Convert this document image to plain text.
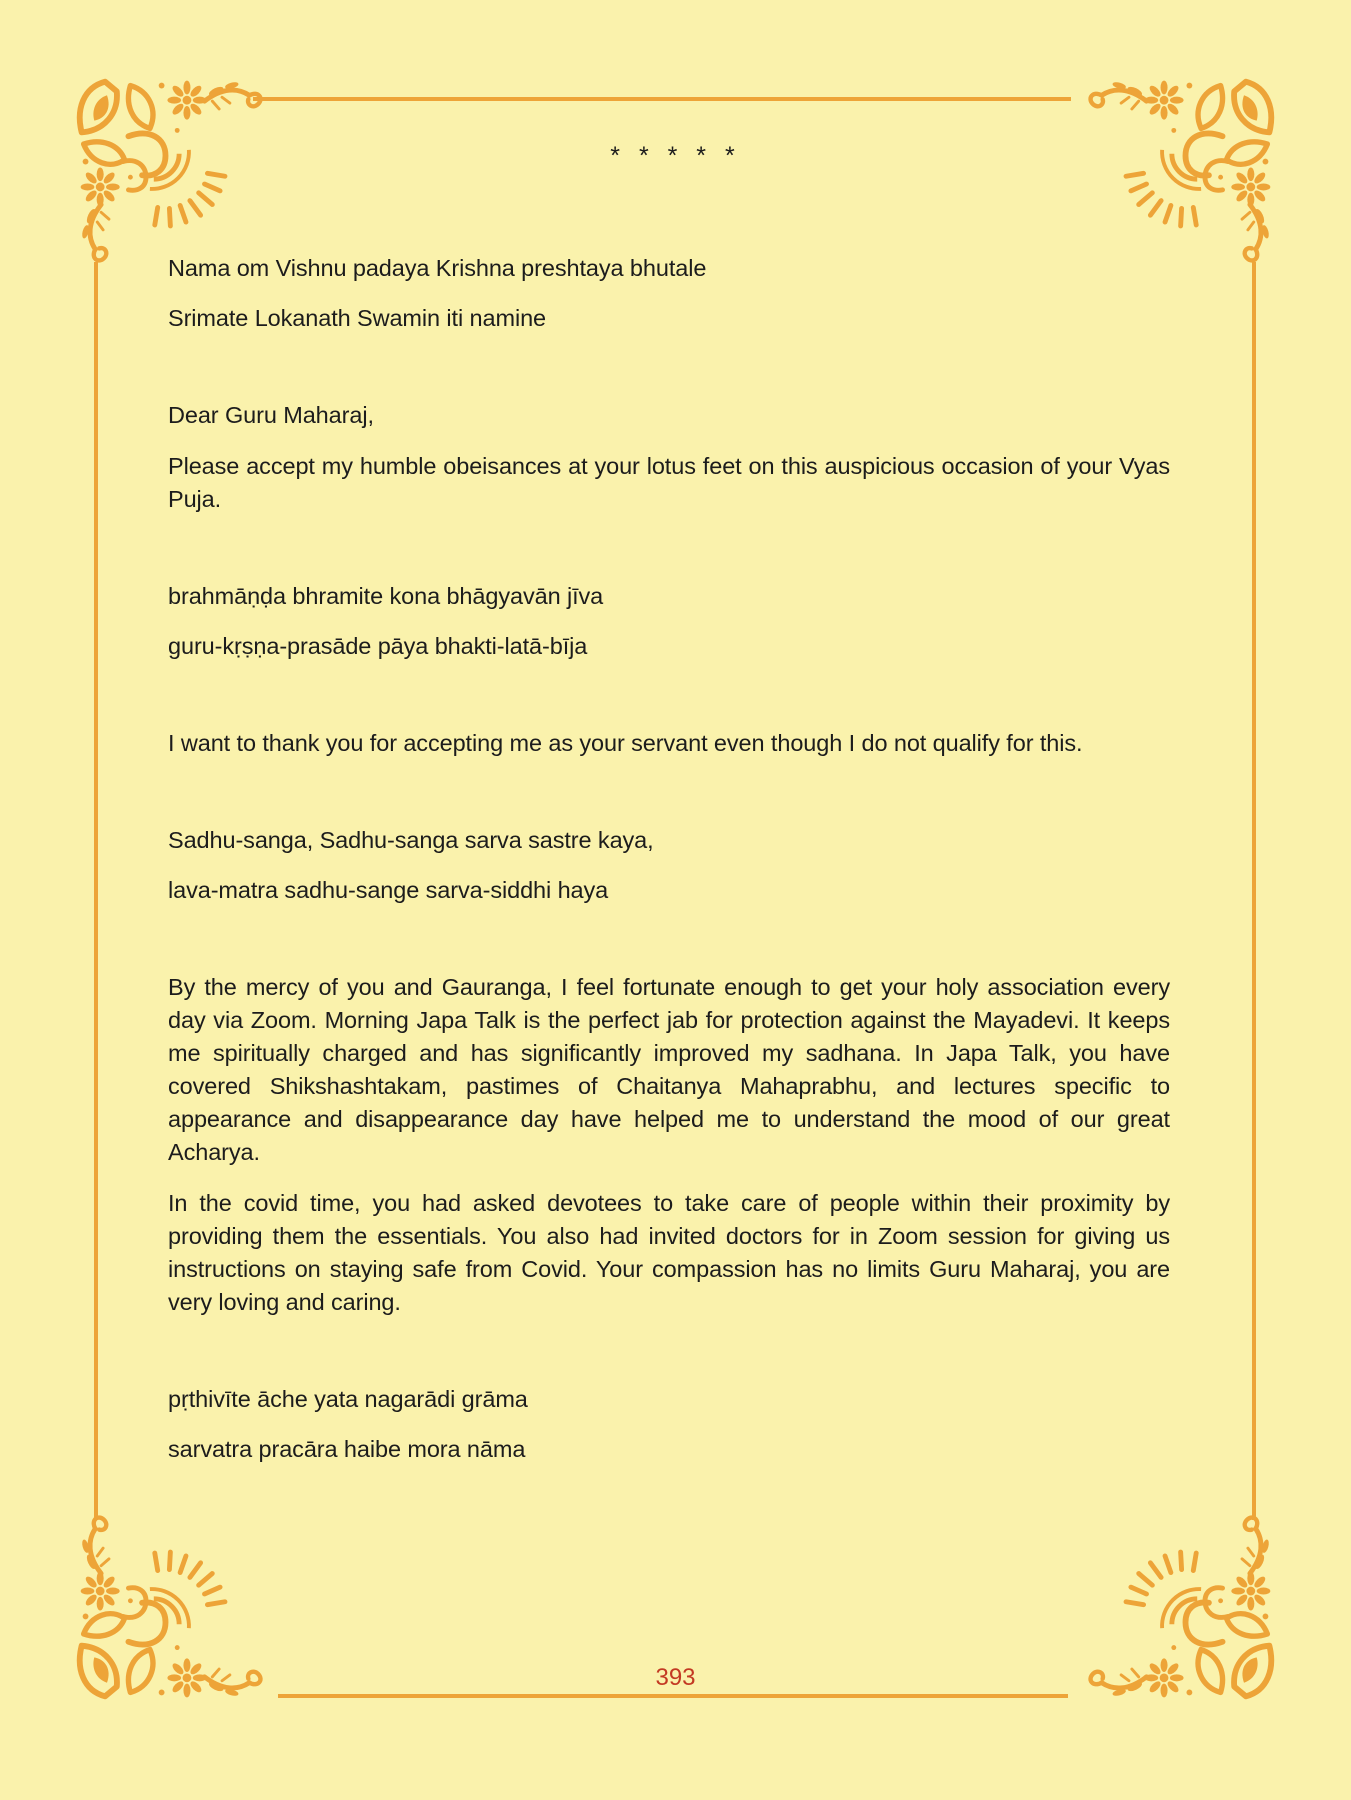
* * * * *

Nama om Vishnu padaya Krishna preshtaya bhutale

Srimate Lokanath Swamin iti namine

Dear Guru Maharaj,

Please accept my humble obeisances at your lotus feet on this auspicious occasion of your Vyas Puja.

brahmāṇḍa bhramite kona bhāgyavān jīva

guru-kṛṣṇa-prasāde pāya bhakti-latā-bīja

I want to thank you for accepting me as your servant even though I do not qualify for this.

Sadhu-sanga, Sadhu-sanga sarva sastre kaya,

lava-matra sadhu-sange sarva-siddhi haya

By the mercy of you and Gauranga, I feel fortunate enough to get your holy association every day via Zoom. Morning Japa Talk is the perfect jab for protection against the Mayadevi. It keeps me spiritually charged and has significantly improved my sadhana. In Japa Talk, you have covered Shikshashtakam, pastimes of Chaitanya Mahaprabhu, and lectures specific to appearance and disappearance day have helped me to understand the mood of our great Acharya.

In the covid time, you had asked devotees to take care of people within their proximity by providing them the essentials. You also had invited doctors for in Zoom session for giving us instructions on staying safe from Covid. Your compassion has no limits Guru Maharaj, you are very loving and caring.

pṛthivīte āche yata nagarādi grāma

sarvatra pracāra haibe mora nāma

393
